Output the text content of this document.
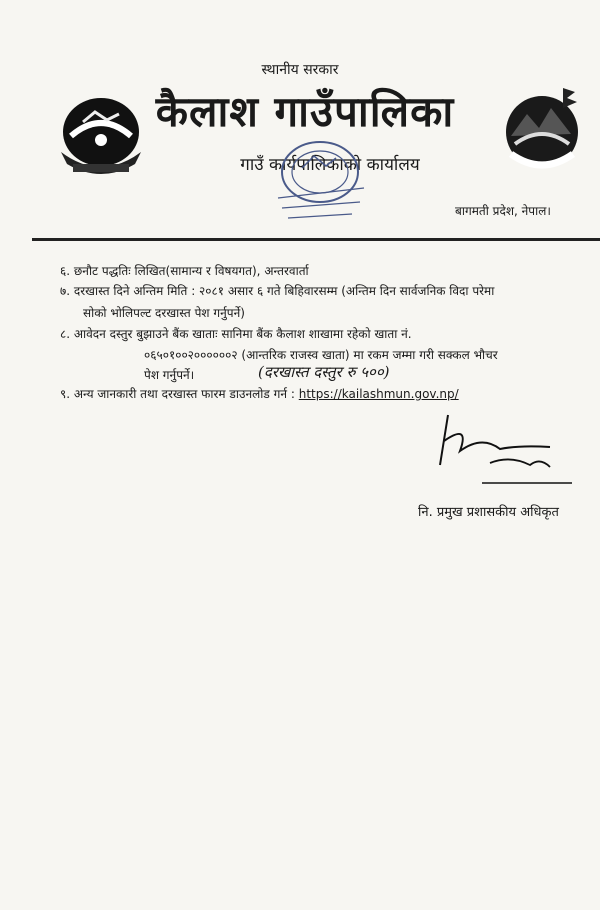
स्थानीय सरकार
कैलाश गाउँपालिका
गाउँ कार्यपालिकाको कार्यालय
बागमती प्रदेश, नेपाल।
६. छनौट पद्धतिः लिखित(सामान्य र विषयगत), अन्तरवार्ता
७. दरखास्त दिने अन्तिम मिति : २०८१ असार ६ गते बिहिवारसम्म (अन्तिम दिन सार्वजनिक विदा परेमा
सोको भोलिपल्ट दरखास्त पेश गर्नुपर्ने)
८. आवेदन दस्तुर बुझाउने बैंक खाताः सानिमा बैंक कैलाश शाखामा रहेको खाता नं.
०६५०१००२००००००२ (आन्तरिक राजस्व खाता) मा रकम जम्मा गरी सक्कल भौचर
पेश गर्नुपर्ने।	(दरखास्त दस्तुर रु ५००)
९. अन्य जानकारी तथा दरखास्त फारम डाउनलोड गर्न : https://kailashmun.gov.np/
नि. प्रमुख प्रशासकीय अधिकृत
